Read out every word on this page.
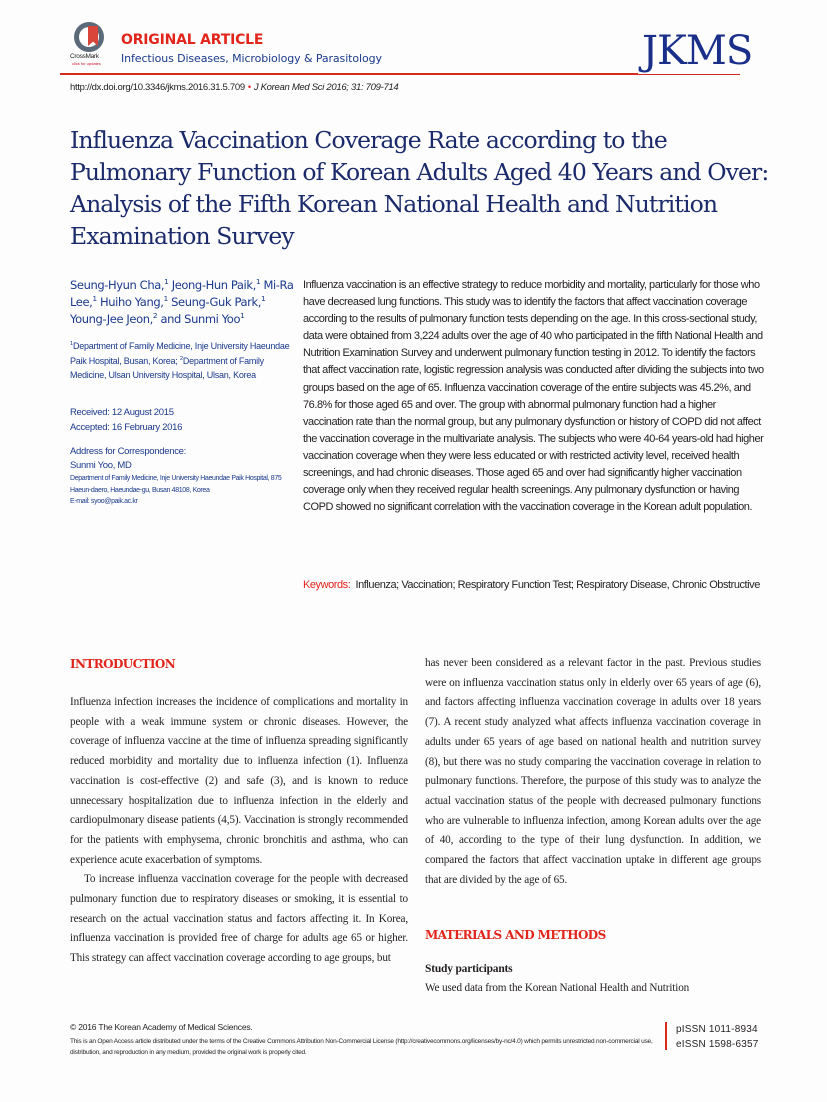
CrossMark
click for updates
ORIGINAL ARTICLE
Infectious Diseases, Microbiology & Parasitology	JKMS
http://dx.doi.org/10.3346/jkms.2016.31.5.709 • J Korean Med Sci 2016; 31: 709-714
Influenza Vaccination Coverage Rate according to the Pulmonary Function of Korean Adults Aged 40 Years and Over: Analysis of the Fifth Korean National Health and Nutrition Examination Survey
Seung-Hyun Cha,$^1$ Jeong-Hun Paik,$^1$ Mi-Ra Lee,$^1$ Huiho Yang,$^1$ Seung-Guk Park,$^1$ Young-Jee Jeon,$^2$ and Sunmi Yoo$^1$
$^1$Department of Family Medicine, Inje University Haeundae Paik Hospital, Busan, Korea; $^2$Department of Family Medicine, Ulsan University Hospital, Ulsan, Korea
Received: 12 August 2015
Accepted: 16 February 2016
Address for Correspondence:
Sunmi Yoo, MD
Department of Family Medicine, Inje University Haeundae Paik Hospital, 875 Haeun-daero, Haeundae-gu, Busan 48108, Korea
E-mail: syoo@paik.ac.kr

Influenza vaccination is an effective strategy to reduce morbidity and mortality, particularly for those who have decreased lung functions. This study was to identify the factors that affect vaccination coverage according to the results of pulmonary function tests depending on the age. In this cross-sectional study, data were obtained from 3,224 adults over the age of 40 who participated in the fifth National Health and Nutrition Examination Survey and underwent pulmonary function testing in 2012. To identify the factors that affect vaccination rate, logistic regression analysis was conducted after dividing the subjects into two groups based on the age of 65. Influenza vaccination coverage of the entire subjects was 45.2%, and 76.8% for those aged 65 and over. The group with abnormal pulmonary function had a higher vaccination rate than the normal group, but any pulmonary dysfunction or history of COPD did not affect the vaccination coverage in the multivariate analysis. The subjects who were 40-64 years-old had higher vaccination coverage when they were less educated or with restricted activity level, received health screenings, and had chronic diseases. Those aged 65 and over had significantly higher vaccination coverage only when they received regular health screenings. Any pulmonary dysfunction or having COPD showed no significant correlation with the vaccination coverage in the Korean adult population.

Keywords: Influenza; Vaccination; Respiratory Function Test; Respiratory Disease, Chronic Obstructive
INTRODUCTION

Influenza infection increases the incidence of complications and mortality in people with a weak immune system or chronic diseases. However, the coverage of influenza vaccine at the time of influenza spreading significantly reduced morbidity and mortality due to influenza infection (1). Influenza vaccination is cost-effective (2) and safe (3), and is known to reduce unnecessary hospitalization due to influenza infection in the elderly and cardiopulmonary disease patients (4,5). Vaccination is strongly recommended for the patients with emphysema, chronic bronchitis and asthma, who can experience acute exacerbation of symptoms.

To increase influenza vaccination coverage for the people with decreased pulmonary function due to respiratory diseases or smoking, it is essential to research on the actual vaccination status and factors affecting it. In Korea, influenza vaccination is provided free of charge for adults age 65 or higher. This strategy can affect vaccination coverage according to age groups, but

has never been considered as a relevant factor in the past. Previous studies were on influenza vaccination status only in elderly over 65 years of age (6), and factors affecting influenza vaccination coverage in adults over 18 years (7). A recent study analyzed what affects influenza vaccination coverage in adults under 65 years of age based on national health and nutrition survey (8), but there was no study comparing the vaccination coverage in relation to pulmonary functions. Therefore, the purpose of this study was to analyze the actual vaccination status of the people with decreased pulmonary functions who are vulnerable to influenza infection, among Korean adults over the age of 40, according to the type of their lung dysfunction. In addition, we compared the factors that affect vaccination uptake in different age groups that are divided by the age of 65.

MATERIALS AND METHODS
Study participants

We used data from the Korean National Health and Nutrition

© 2016 The Korean Academy of Medical Sciences.
This is an Open Access article distributed under the terms of the Creative Commons Attribution Non-Commercial License (http://creativecommons.org/licenses/by-nc/4.0) which permits unrestricted non-commercial use, distribution, and reproduction in any medium, provided the original work is properly cited.
pISSN 1011-8934
eISSN 1598-6357
